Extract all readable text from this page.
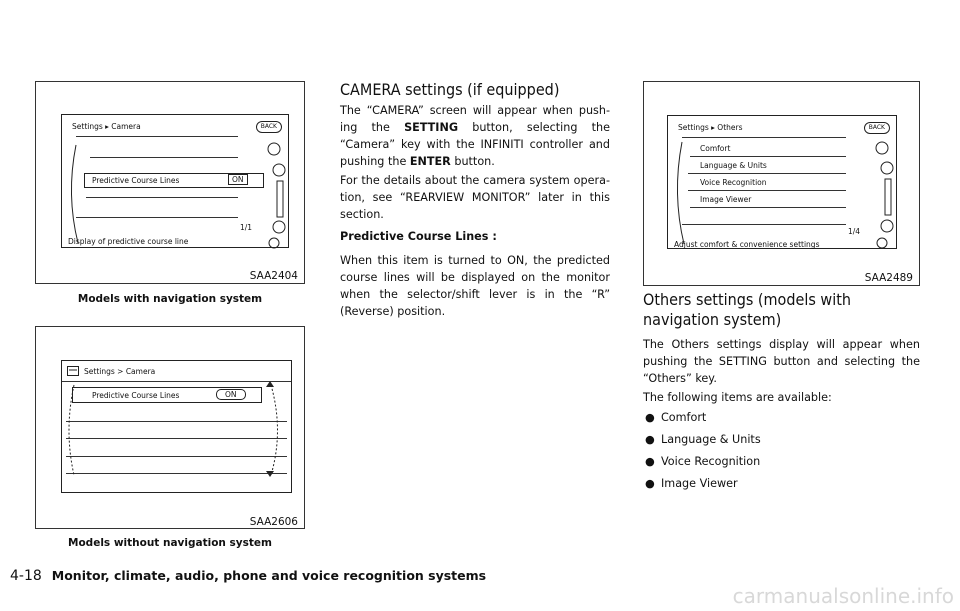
Settings ▸ Camera	BACK
Predictive Course Lines	ON
1/1
Display of predictive course line
SAA2404
Models with navigation system
Settings > Camera
Predictive Course Lines	ON
SAA2606
Models without navigation system
CAMERA settings (if equipped)
The “CAMERA” screen will appear when push-ing the SETTING button, selecting the “Camera” key with the INFINITI controller and pushing the ENTER button.
For the details about the camera system opera-tion, see “REARVIEW MONITOR” later in this section.
Predictive Course Lines :
When this item is turned to ON, the predicted course lines will be displayed on the monitor when the selector/shift lever is in the “R” (Reverse) position.
Settings ▸ Others	BACK
Comfort
Language & Units
Voice Recognition
Image Viewer
1/4
Adjust comfort & convenience settings
SAA2489
Others settings (models with
navigation system)
The Others settings display will appear when pushing the SETTING button and selecting the “Others” key.
The following items are available:
● Comfort
● Language & Units
● Voice Recognition
● Image Viewer
4-18 Monitor, climate, audio, phone and voice recognition systems
carmanualsonline.info
